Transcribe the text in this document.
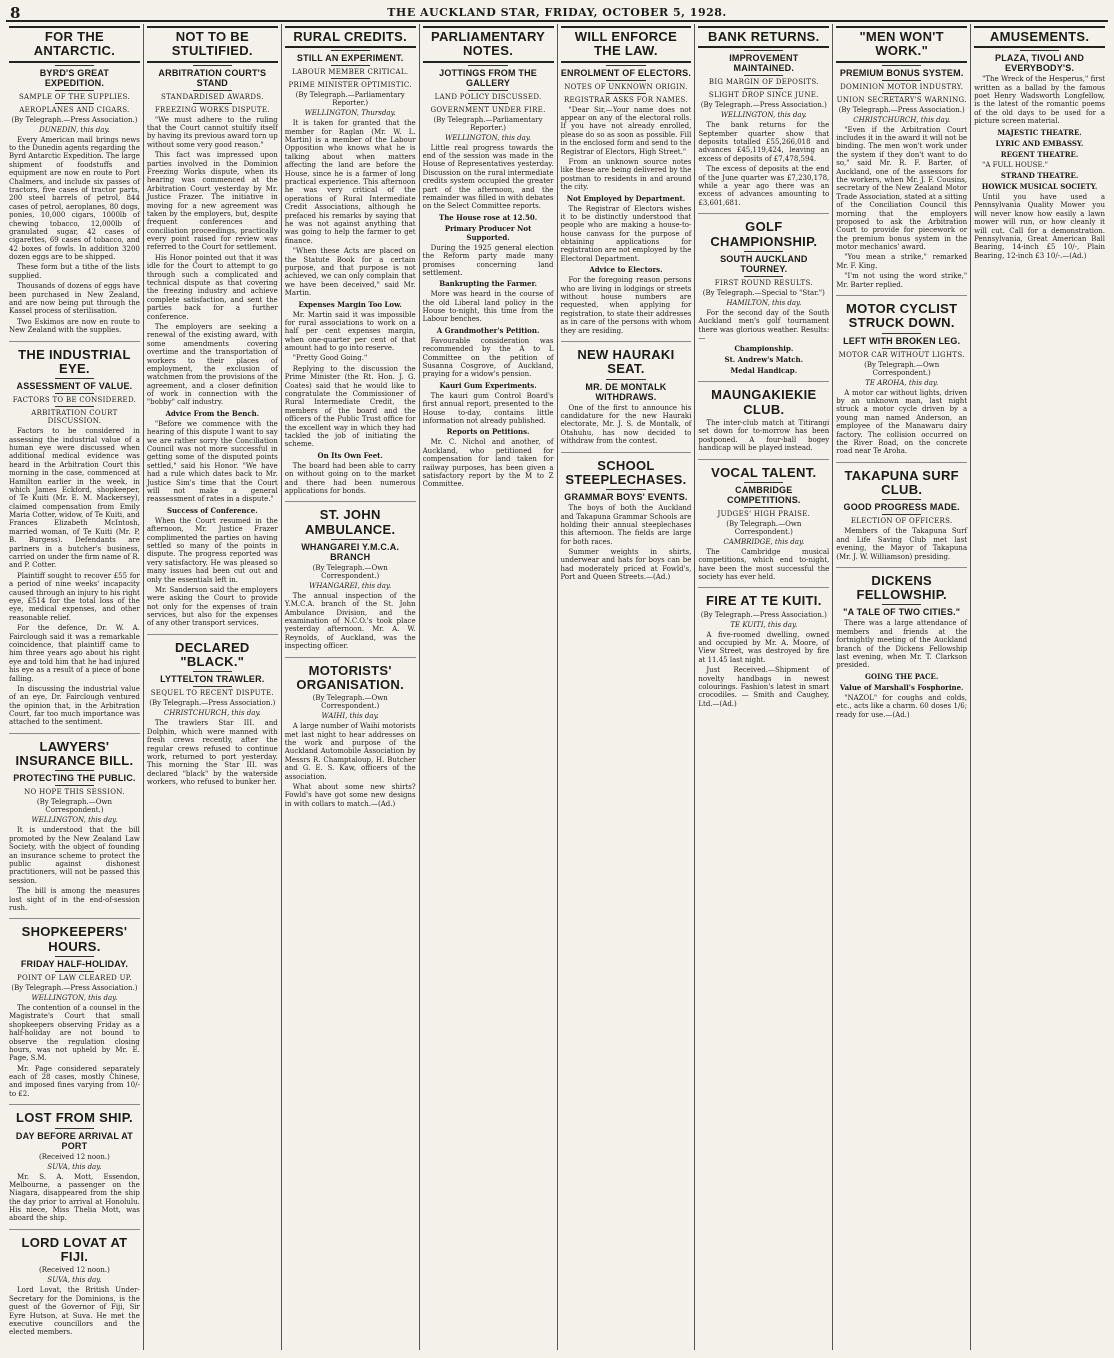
8	THE AUCKLAND STAR, FRIDAY, OCTOBER 5, 1928.
FOR THE ANTARCTIC.
BYRD'S GREAT EXPEDITION.
SAMPLE OF THE SUPPLIES.
AEROPLANES AND CIGARS.
(By Telegraph.—Press Association.)
DUNEDIN, this day.
Every American mail brings news to the Dunedin agents regarding the Byrd Antarctic Expedition. The large shipment of foodstuffs and equipment are now en route to Port Chalmers, and include six passes of tractors, five cases of tractor parts, 200 steel barrels of petrol, 844 cases of petrol, aeroplanes, 80 dogs, ponies, 10,000 cigars, 1000lb of chewing tobacco, 12,000lb of granulated sugar, 42 cases of cigarettes, 69 cases of tobacco, and 42 boxes of fowls. In addition 3200 dozen eggs are to be shipped.
These form but a tithe of the lists supplied.
Thousands of dozens of eggs have been purchased in New Zealand, and are now being put through the Kassel process of sterilisation.
Two Eskimos are now en route to New Zealand with the supplies.
THE INDUSTRIAL EYE.
ASSESSMENT OF VALUE.
FACTORS TO BE CONSIDERED.
ARBITRATION COURT DISCUSSION.
Factors to be considered in assessing the industrial value of a human eye were discussed when additional medical evidence was heard in the Arbitration Court this morning in the case, commenced at Hamilton earlier in the week, in which James Eckford, shopkeeper, of Te Kuiti (Mr. E. M. Mackersey), claimed compensation from Emily Maria Cotter, widow, of Te Kuiti, and Frances Elizabeth McIntosh, married woman, of Te Kuiti (Mr. P. B. Burgess). Defendants are partners in a butcher's business, carried on under the firm name of R. and P. Cotter.
Plaintiff sought to recover £55 for a period of nine weeks' incapacity caused through an injury to his right eye, £514 for the total loss of the eye, medical expenses, and other reasonable relief.
For the defence, Dr. W. A. Fairclough said it was a remarkable coincidence, that plaintiff came to him three years ago about his right eye and told him that he had injured his eye as a result of a piece of bone falling.
In discussing the industrial value of an eye, Dr. Fairclough ventured the opinion that, in the Arbitration Court, far too much importance was attached to the sentiment.
LAWYERS' INSURANCE BILL.
PROTECTING THE PUBLIC.
NO HOPE THIS SESSION.
(By Telegraph.—Own Correspondent.)
WELLINGTON, this day.
It is understood that the bill promoted by the New Zealand Law Society, with the object of founding an insurance scheme to protect the public against dishonest practitioners, will not be passed this session.
The bill is among the measures lost sight of in the end-of-session rush.
SHOPKEEPERS' HOURS.
FRIDAY HALF-HOLIDAY.
POINT OF LAW CLEARED UP.
(By Telegraph.—Press Association.)
WELLINGTON, this day.
The contention of a counsel in the Magistrate's Court that small shopkeepers observing Friday as a half-holiday are not bound to observe the regulation closing hours, was not upheld by Mr. E. Page, S.M.
Mr. Page considered separately each of 28 cases, mostly Chinese, and imposed fines varying from 10/- to £2.
LOST FROM SHIP.
DAY BEFORE ARRIVAL AT PORT
(Received 12 noon.)
SUVA, this day.
Mr. S. A. Mott, Essendon, Melbourne, a passenger on the Niagara, disappeared from the ship the day prior to arrival at Honolulu. His niece, Miss Thelia Mott, was aboard the ship.
LORD LOVAT AT FIJI.
(Received 12 noon.)
SUVA, this day.
Lord Lovat, the British Under-Secretary for the Dominions, is the guest of the Governor of Fiji, Sir Eyre Hutson, at Suva. He met the executive councillors and the elected members.
NOT TO BE STULTIFIED.
ARBITRATION COURT'S STAND
STANDARDISED AWARDS.
FREEZING WORKS DISPUTE.
"We must adhere to the ruling that the Court cannot stultify itself by having its previous award torn up without some very good reason."
This fact was impressed upon parties involved in the Dominion Freezing Works dispute, when its hearing was commenced at the Arbitration Court yesterday by Mr. Justice Frazer. The initiative in moving for a new agreement was taken by the employers, but, despite frequent conferences and conciliation proceedings, practically every point raised for review was referred to the Court for settlement.
His Honor pointed out that it was idle for the Court to attempt to go through such a complicated and technical dispute as that covering the freezing industry and achieve complete satisfaction, and sent the parties back for a further conference.
The employers are seeking a renewal of the existing award, with some amendments covering overtime and the transportation of workers to their places of employment, the exclusion of watchmen from the provisions of the agreement, and a closer definition of work in connection with the "bobby" calf industry.
Advice From the Bench.
"Before we commence with the hearing of this dispute I want to say we are rather sorry the Conciliation Council was not more successful in getting some of the disputed points settled," said his Honor. "We have had a rule which dates back to Mr. Justice Sim's time that the Court will not make a general reassessment of rates in a dispute."
Success of Conference.
When the Court resumed in the afternoon, Mr. Justice Frazer complimented the parties on having settled so many of the points in dispute. The progress reported was very satisfactory. He was pleased so many issues had been cut out and only the essentials left in.
Mr. Sanderson said the employers were asking the Court to provide not only for the expenses of train services, but also for the expenses of any other transport services.
DECLARED "BLACK."
LYTTELTON TRAWLER.
SEQUEL TO RECENT DISPUTE.
(By Telegraph.—Press Association.)
CHRISTCHURCH, this day.
The trawlers Star III. and Dolphin, which were manned with fresh crews recently, after the regular crews refused to continue work, returned to port yesterday. This morning the Star III. was declared "black" by the waterside workers, who refused to bunker her.
RURAL CREDITS.
STILL AN EXPERIMENT.
LABOUR MEMBER CRITICAL.
PRIME MINISTER OPTIMISTIC.
(By Telegraph.—Parliamentary Reporter.)
WELLINGTON, Thursday.
It is taken for granted that the member for Raglan (Mr. W. L. Martin) is a member of the Labour Opposition who knows what he is talking about when matters affecting the land are before the House, since he is a farmer of long practical experience. This afternoon he was very critical of the operations of Rural Intermediate Credit Associations, although he prefaced his remarks by saying that he was not against anything that was going to help the farmer to get finance.
"When these Acts are placed on the Statute Book for a certain purpose, and that purpose is not achieved, we can only complain that we have been deceived," said Mr. Martin.
Expenses Margin Too Low.
Mr. Martin said it was impossible for rural associations to work on a half per cent expenses margin, when one-quarter per cent of that amount had to go into reserve.
"Pretty Good Going."
Replying to the discussion the Prime Minister (the Rt. Hon. J. G. Coates) said that he would like to congratulate the Commissioner of Rural Intermediate Credit, the members of the board and the officers of the Public Trust office for the excellent way in which they had tackled the job of initiating the scheme.
On Its Own Feet.
The board had been able to carry on without going on to the market and there had been numerous applications for bonds.
ST. JOHN AMBULANCE.
WHANGAREI Y.M.C.A. BRANCH
(By Telegraph.—Own Correspondent.)
WHANGAREI, this day.
The annual inspection of the Y.M.C.A. branch of the St. John Ambulance Division, and the examination of N.C.O.'s took place yesterday afternoon. Mr. A. W. Reynolds, of Auckland, was the inspecting officer.
MOTORISTS' ORGANISATION.
(By Telegraph.—Own Correspondent.)
WAIHI, this day.
A large number of Waihi motorists met last night to hear addresses on the work and purpose of the Auckland Automobile Association by Messrs R. Champtaloup, H. Butcher and G. E. S. Kaw, officers of the association.
What about some new shirts? Fowld's have got some new designs in with collars to match.—(Ad.)
PARLIAMENTARY NOTES.
JOTTINGS FROM THE GALLERY
LAND POLICY DISCUSSED.
GOVERNMENT UNDER FIRE.
(By Telegraph.—Parliamentary Reporter.)
WELLINGTON, this day.
Little real progress towards the end of the session was made in the House of Representatives yesterday. Discussion on the rural intermediate credits system occupied the greater part of the afternoon, and the remainder was filled in with debates on the Select Committee reports.
The House rose at 12.50.
Primary Producer Not Supported.
During the 1925 general election the Reform party made many promises concerning land settlement.
Bankrupting the Farmer.
More was heard in the course of the old Liberal land policy in the House to-night, this time from the Labour benches.
A Grandmother's Petition.
Favourable consideration was recommended by the A to L Committee on the petition of Susanna Cosgrove, of Auckland, praying for a widow's pension.
Kauri Gum Experiments.
The kauri gum Control Board's first annual report, presented to the House to-day, contains little information not already published.
Reports on Petitions.
Mr. C. Nichol and another, of Auckland, who petitioned for compensation for land taken for railway purposes, has been given a satisfactory report by the M to Z Committee.
WILL ENFORCE THE LAW.
ENROLMENT OF ELECTORS.
NOTES OF UNKNOWN ORIGIN.
REGISTRAR ASKS FOR NAMES.
"Dear Sir,—Your name does not appear on any of the electoral rolls. If you have not already enrolled, please do so as soon as possible. Fill in the enclosed form and send to the Registrar of Electors, High Street."
From an unknown source notes like these are being delivered by the postman to residents in and around the city.
Not Employed by Department.
The Registrar of Electors wishes it to be distinctly understood that people who are making a house-to-house canvass for the purpose of obtaining applications for registration are not employed by the Electoral Department.
Advice to Electors.
For the foregoing reason persons who are living in lodgings or streets without house numbers are requested, when applying for registration, to state their addresses as in care of the persons with whom they are residing.
NEW HAURAKI SEAT.
MR. DE MONTALK WITHDRAWS.
One of the first to announce his candidature for the new Hauraki electorate, Mr. J. S. de Montalk, of Otahuhu, has now decided to withdraw from the contest.
SCHOOL STEEPLECHASES.
GRAMMAR BOYS' EVENTS.
The boys of both the Auckland and Takapuna Grammar Schools are holding their annual steeplechases this afternoon. The fields are large for both races.
Summer weights in shirts, underwear and hats for boys can be had moderately priced at Fowld's, Port and Queen Streets.—(Ad.)
BANK RETURNS.
IMPROVEMENT MAINTAINED.
BIG MARGIN OF DEPOSITS.
SLIGHT DROP SINCE JUNE.
(By Telegraph.—Press Association.)
WELLINGTON, this day.
The bank returns for the September quarter show that deposits totalled £55,266,018 and advances £45,119,424, leaving an excess of deposits of £7,478,594.
The excess of deposits at the end of the June quarter was £7,230,178, while a year ago there was an excess of advances amounting to £3,601,681.
GOLF CHAMPIONSHIP.
SOUTH AUCKLAND TOURNEY.
FIRST ROUND RESULTS.
(By Telegraph.—Special to "Star.")
HAMILTON, this day.
For the second day of the South Auckland men's golf tournament there was glorious weather. Results:—
Championship.
St. Andrew's Match.
Medal Handicap.
MAUNGAKIEKIE CLUB.
The inter-club match at Titirangi set down for to-morrow has been postponed. A four-ball bogey handicap will be played instead.
VOCAL TALENT.
CAMBRIDGE COMPETITIONS.
JUDGES' HIGH PRAISE.
(By Telegraph.—Own Correspondent.)
CAMBRIDGE, this day.
The Cambridge musical competitions, which end to-night, have been the most successful the society has ever held.
FIRE AT TE KUITI.
(By Telegraph.—Press Association.)
TE KUITI, this day.
A five-roomed dwelling, owned and occupied by Mr. A. Moore, of View Street, was destroyed by fire at 11.45 last night.
Just Received.—Shipment of novelty handbags in newest colourings. Fashion's latest in smart crocodiles. — Smith and Caughey, Ltd.—(Ad.)
"MEN WON'T WORK."
PREMIUM BONUS SYSTEM.
DOMINION MOTOR INDUSTRY.
UNION SECRETARY'S WARNING.
(By Telegraph.—Press Association.)
CHRISTCHURCH, this day.
"Even if the Arbitration Court includes it in the award it will not be binding. The men won't work under the system if they don't want to do so," said Mr. R. F. Barter, of Auckland, one of the assessors for the workers, when Mr. J. F. Cousins, secretary of the New Zealand Motor Trade Association, stated at a sitting of the Conciliation Council this morning that the employers proposed to ask the Arbitration Court to provide for piecework or the premium bonus system in the motor mechanics' award.
"You mean a strike," remarked Mr. F. King.
"I'm not using the word strike," Mr. Barter replied.
MOTOR CYCLIST STRUCK DOWN.
LEFT WITH BROKEN LEG.
MOTOR CAR WITHOUT LIGHTS.
(By Telegraph.—Own Correspondent.)
TE AROHA, this day.
A motor car without lights, driven by an unknown man, last night struck a motor cycle driven by a young man named Anderson, an employee of the Manawaru dairy factory. The collision occurred on the River Road, on the concrete road near Te Aroha.
TAKAPUNA SURF CLUB.
GOOD PROGRESS MADE.
ELECTION OF OFFICERS.
Members of the Takapuna Surf and Life Saving Club met last evening, the Mayor of Takapuna (Mr. J. W. Williamson) presiding.
DICKENS FELLOWSHIP.
"A TALE OF TWO CITIES."
There was a large attendance of members and friends at the fortnightly meeting of the Auckland branch of the Dickens Fellowship last evening, when Mr. T. Clarkson presided.
GOING THE PACE.
Value of Marshall's Fosphorine.
"NAZOL" for coughs and colds, etc., acts like a charm. 60 doses 1/6; ready for use.—(Ad.)
AMUSEMENTS.
PLAZA, TIVOLI AND EVERYBODY'S.
"The Wreck of the Hesperus," first written as a ballad by the famous poet Henry Wadsworth Longfellow, is the latest of the romantic poems of the old days to be used for a picture screen material.
MAJESTIC THEATRE.
LYRIC AND EMBASSY.
REGENT THEATRE.
"A FULL HOUSE."
STRAND THEATRE.
HOWICK MUSICAL SOCIETY.
Until you have used a Pennsylvania Quality Mower you will never know how easily a lawn mower will run, or how cleanly it will cut. Call for a demonstration. Pennsylvania, Great American Ball Bearing, 14-inch £5 10/-, Plain Bearing, 12-inch £3 10/-.—(Ad.)
